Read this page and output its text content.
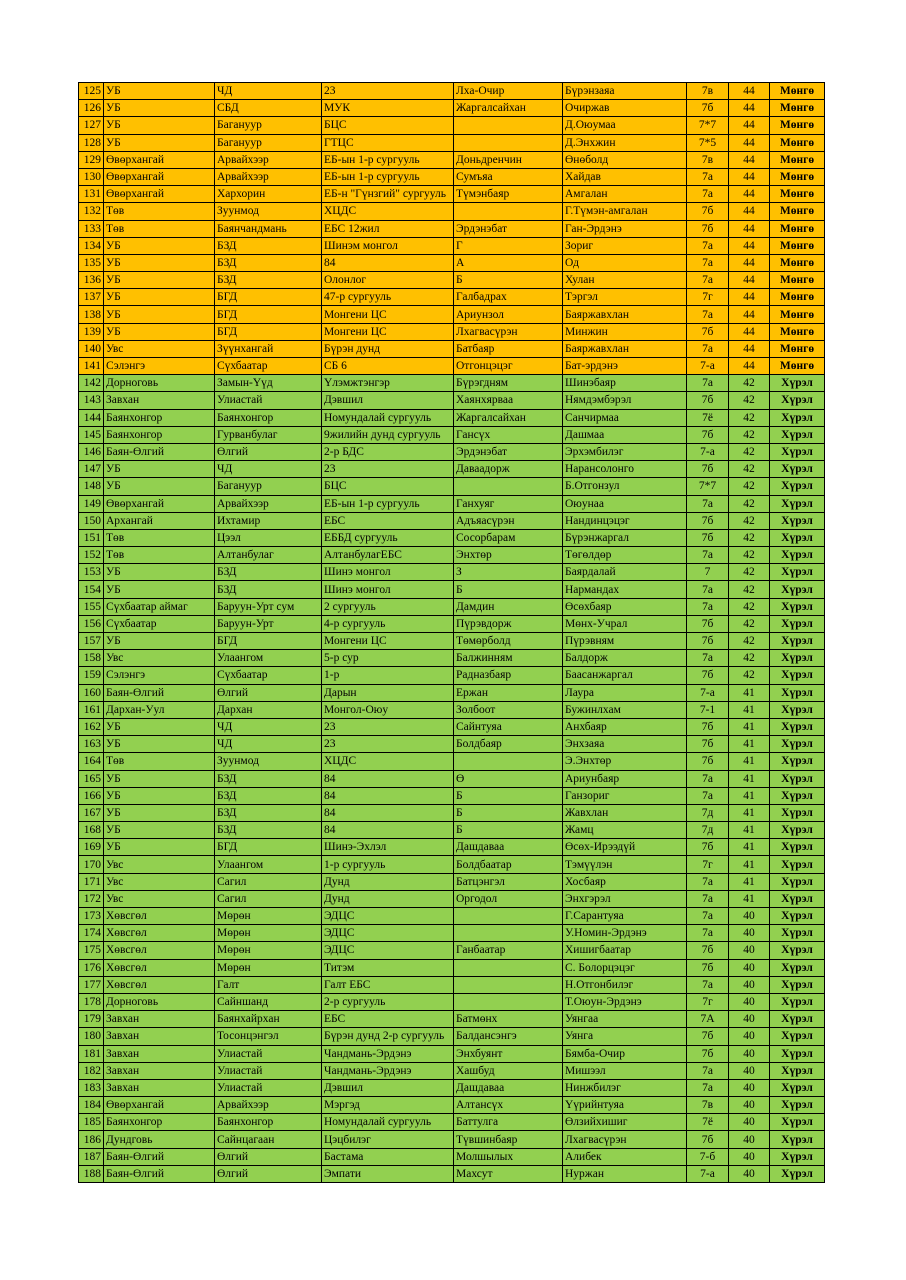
125	УБ	ЧД	23	Лха-Очир	Бүрэнзаяа	7в	44	Мөнгө
126	УБ	СБД	МУК	Жаргалсайхан	Очиржав	7б	44	Мөнгө
127	УБ	Багануур	БЦС		Д.Оюумаа	7*7	44	Мөнгө
128	УБ	Багануур	ГТЦС		Д.Энхжин	7*5	44	Мөнгө
129	Өвөрхангай	Арвайхээр	ЕБ-ын 1-р сургууль	Доньдренчин	Өнөболд	7в	44	Мөнгө
130	Өвөрхангай	Арвайхээр	ЕБ-ын 1-р сургууль	Сумъяа	Хайдав	7а	44	Мөнгө
131	Өвөрхангай	Хархорин	ЕБ-н "Гүнзгий" сургууль	Түмэнбаяр	Амгалан	7а	44	Мөнгө
132	Төв	Зуунмод	ХЦДС		Г.Түмэн-амгалан	7б	44	Мөнгө
133	Төв	Баянчандмань	ЕБС 12жил	Эрдэнэбат	Ган-Эрдэнэ	7б	44	Мөнгө
134	УБ	БЗД	Шинэм монгол	Г	Зориг	7а	44	Мөнгө
135	УБ	БЗД	84	А	Од	7а	44	Мөнгө
136	УБ	БЗД	Олонлог	Б	Хулан	7а	44	Мөнгө
137	УБ	БГД	47-р сургууль	Галбадрах	Тэргэл	7г	44	Мөнгө
138	УБ	БГД	Монгени ЦС	Ариунзол	Баяржавхлан	7а	44	Мөнгө
139	УБ	БГД	Монгени ЦС	Лхагвасүрэн	Минжин	7б	44	Мөнгө
140	Увс	Зүүнхангай	Бүрэн дунд	Батбаяр	Баяржавхлан	7а	44	Мөнгө
141	Сэлэнгэ	Сүхбаатар	СБ 6	Отгонцэцэг	Бат-эрдэнэ	7-а	44	Мөнгө
142	Дорноговь	Замын-Үүд	Үлэмжтэнгэр	Бүрэгдням	Шинэбаяр	7а	42	Хүрэл
143	Завхан	Улиастай	Дэвшил	Хаянхярваа	Нямдэмбэрэл	7б	42	Хүрэл
144	Баянхонгор	Баянхонгор	Номундалай сургууль	Жаргалсайхан	Санчирмаа	7ё	42	Хүрэл
145	Баянхонгор	Гурванбулаг	9жилийн дунд сургууль	Гансүх	Дашмаа	7б	42	Хүрэл
146	Баян-Өлгий	Өлгий	2-р БДС	Эрдэнэбат	Эрхэмбилэг	7-а	42	Хүрэл
147	УБ	ЧД	23	Даваадорж	Нарансолонго	7б	42	Хүрэл
148	УБ	Багануур	БЦС		Б.Отгонзул	7*7	42	Хүрэл
149	Өвөрхангай	Арвайхээр	ЕБ-ын 1-р сургууль	Ганхуяг	Оюунаа	7а	42	Хүрэл
150	Архангай	Ихтамир	ЕБС	Адъяасүрэн	Нандинцэцэг	7б	42	Хүрэл
151	Төв	Цээл	ЕББД сургууль	Сосорбарам	Бүрэнжаргал	7б	42	Хүрэл
152	Төв	Алтанбулаг	АлтанбулагЕБС	Энхтөр	Төгөлдөр	7а	42	Хүрэл
153	УБ	БЗД	Шинэ монгол	З	Баярдалай	7	42	Хүрэл
154	УБ	БЗД	Шинэ монгол	Б	Нармандах	7а	42	Хүрэл
155	Сүхбаатар аймаг	Баруун-Урт сум	2 сургууль	Дамдин	Өсөхбаяр	7а	42	Хүрэл
156	Сүхбаатар	Баруун-Урт	4-р сургууль	Пүрэвдорж	Мөнх-Учрал	7б	42	Хүрэл
157	УБ	БГД	Монгени ЦС	Төмөрболд	Пүрэвням	7б	42	Хүрэл
158	Увс	Улаангом	5-р сур	Балжинням	Балдорж	7а	42	Хүрэл
159	Сэлэнгэ	Сүхбаатар	1-р	Радназбаяр	Баасанжаргал	7б	42	Хүрэл
160	Баян-Өлгий	Өлгий	Дарын	Ержан	Лаура	7-а	41	Хүрэл
161	Дархан-Уул	Дархан	Монгол-Оюу	Золбоот	Бужинлхам	7-1	41	Хүрэл
162	УБ	ЧД	23	Сайнтуяа	Анхбаяр	7б	41	Хүрэл
163	УБ	ЧД	23	Болдбаяр	Энхзаяа	7б	41	Хүрэл
164	Төв	Зуунмод	ХЦДС		Э.Энхтөр	7б	41	Хүрэл
165	УБ	БЗД	84	Ө	Ариунбаяр	7а	41	Хүрэл
166	УБ	БЗД	84	Б	Ганзориг	7а	41	Хүрэл
167	УБ	БЗД	84	Б	Жавхлан	7д	41	Хүрэл
168	УБ	БЗД	84	Б	Жамц	7д	41	Хүрэл
169	УБ	БГД	Шинэ-Эхлэл	Дашдаваа	Өсөх-Ирээдүй	7б	41	Хүрэл
170	Увс	Улаангом	1-р сургууль	Болдбаатар	Тэмүүлэн	7г	41	Хүрэл
171	Увс	Сагил	Дунд	Батцэнгэл	Хосбаяр	7а	41	Хүрэл
172	Увс	Сагил	Дунд	Оргодол	Энхгэрэл	7а	41	Хүрэл
173	Хөвсгөл	Мөрөн	ЭДЦС		Г.Сарантуяа	7а	40	Хүрэл
174	Хөвсгөл	Мөрөн	ЭДЦС		У.Номин-Эрдэнэ	7а	40	Хүрэл
175	Хөвсгөл	Мөрөн	ЭДЦС	Ганбаатар	Хишигбаатар	7б	40	Хүрэл
176	Хөвсгөл	Мөрөн	Титэм		С. Болорцэцэг	7б	40	Хүрэл
177	Хөвсгөл	Галт	Галт ЕБС		Н.Отгонбилэг	7а	40	Хүрэл
178	Дорноговь	Сайншанд	2-р сургууль		Т.Оюун-Эрдэнэ	7г	40	Хүрэл
179	Завхан	Баянхайрхан	ЕБС	Батмөнх	Уянгаа	7А	40	Хүрэл
180	Завхан	Тосонцэнгэл	Бүрэн дунд 2-р сургууль	Балдансэнгэ	Уянга	7б	40	Хүрэл
181	Завхан	Улиастай	Чандмань-Эрдэнэ	Энхбуянт	Бямба-Очир	7б	40	Хүрэл
182	Завхан	Улиастай	Чандмань-Эрдэнэ	Хашбуд	Мишээл	7а	40	Хүрэл
183	Завхан	Улиастай	Дэвшил	Дашдаваа	Нинжбилэг	7а	40	Хүрэл
184	Өвөрхангай	Арвайхээр	Мэргэд	Алтансүх	Үүрийнтуяа	7в	40	Хүрэл
185	Баянхонгор	Баянхонгор	Номундалай сургууль	Баттулга	Өлзийхишиг	7ё	40	Хүрэл
186	Дундговь	Сайнцагаан	Цэцбилэг	Түвшинбаяр	Лхагвасүрэн	7б	40	Хүрэл
187	Баян-Өлгий	Өлгий	Бастама	Молшылых	Алибек	7-б	40	Хүрэл
188	Баян-Өлгий	Өлгий	Эмпати	Махсут	Нуржан	7-а	40	Хүрэл
